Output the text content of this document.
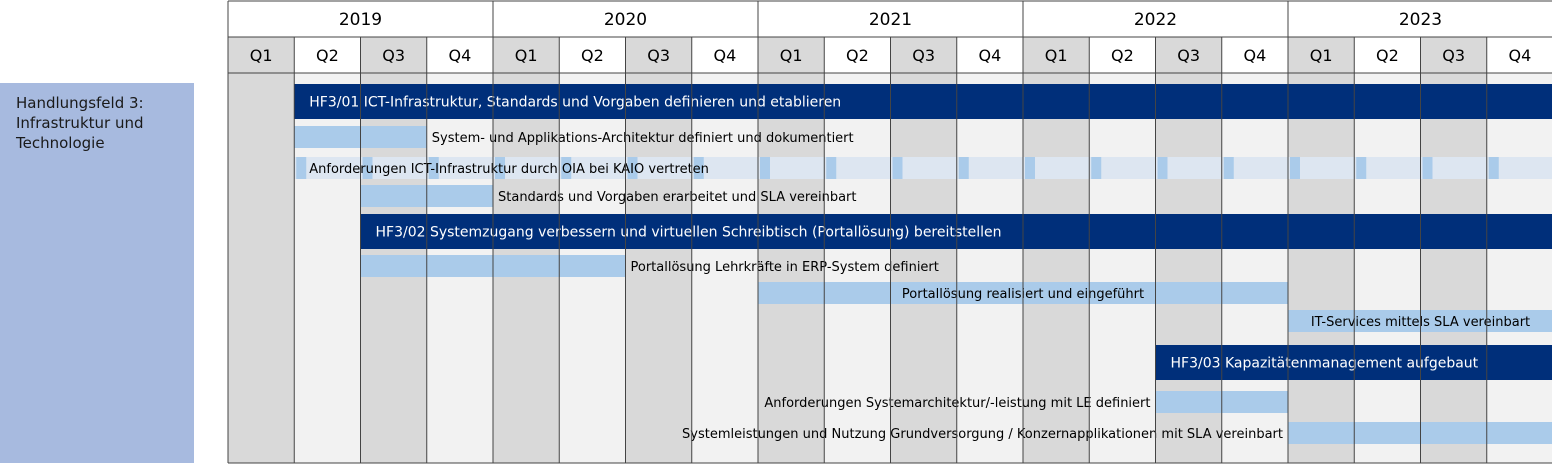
Handlungsfeld 3:
Infrastruktur und
Technologie
HF3/01 ICT-Infrastruktur, Standards und Vorgaben definieren und etablieren
System- und Applikations-Architektur definiert und dokumentiert
Anforderungen ICT-Infrastruktur durch OIA bei KAIO vertreten
Standards und Vorgaben erarbeitet und SLA vereinbart
HF3/02 Systemzugang verbessern und virtuellen Schreibtisch (Portallösung) bereitstellen
Portallösung Lehrkräfte in ERP-System definiert
Portallösung realisiert und eingeführt
IT-Services mittels SLA vereinbart
HF3/03 Kapazitätenmanagement aufgebaut
Anforderungen Systemarchitektur/-leistung mit LE definiert
Systemleistungen und Nutzung Grundversorgung / Konzernapplikationen mit SLA vereinbart
2019	2020	2021	2022	2023
Q1	Q2	Q3	Q4	Q1	Q2	Q3	Q4	Q1	Q2	Q3	Q4	Q1	Q2	Q3	Q4	Q1	Q2	Q3	Q4
